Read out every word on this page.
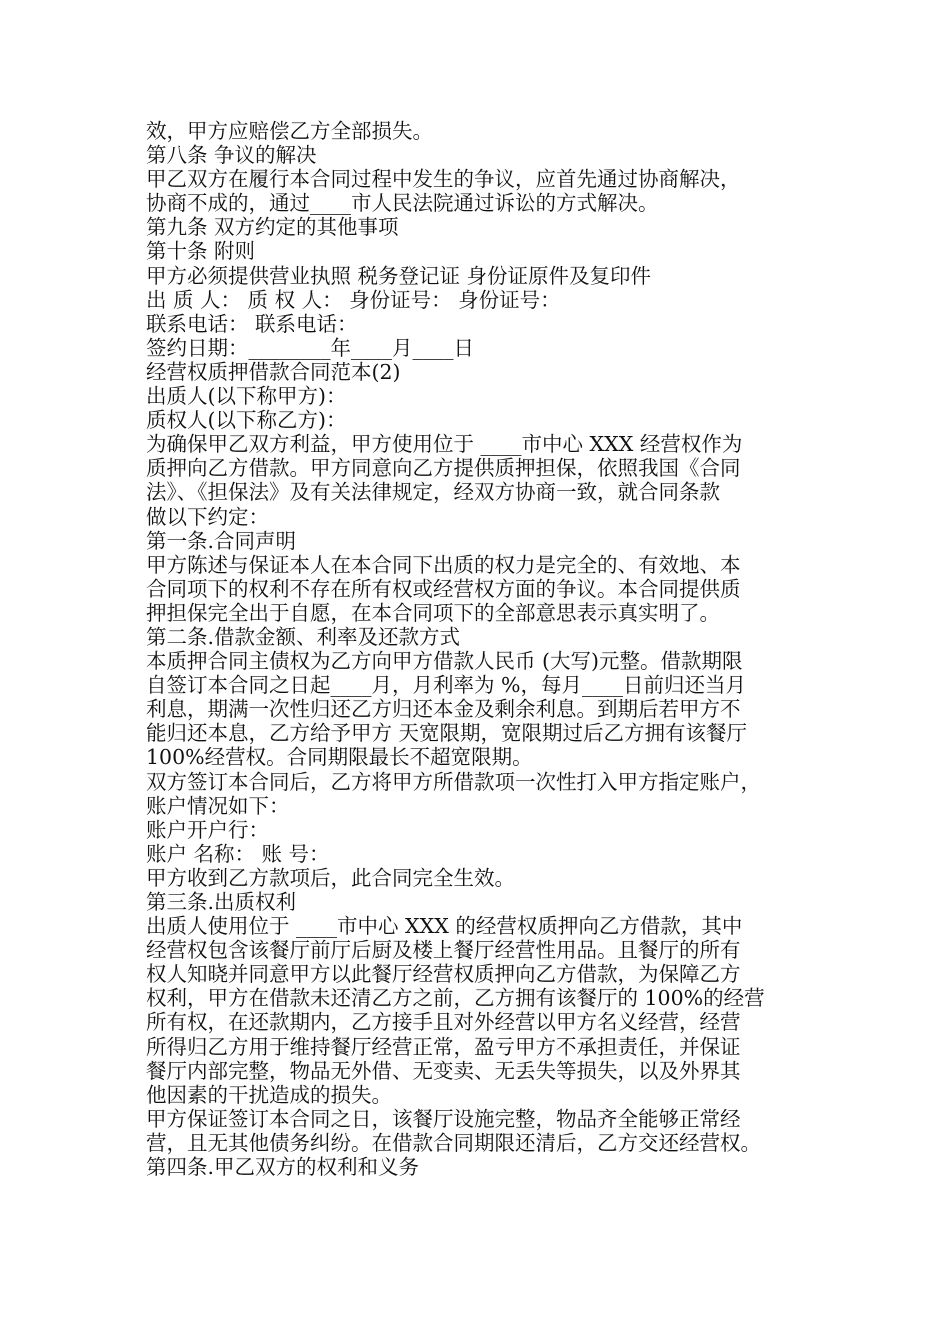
效，甲方应赔偿乙方全部损失。
第八条 争议的解决
甲乙双方在履行本合同过程中发生的争议，应首先通过协商解决，
协商不成的，通过____市人民法院通过诉讼的方式解决。
第九条 双方约定的其他事项
第十条 附则
甲方必须提供营业执照 税务登记证 身份证原件及复印件
出 质 人： 质 权 人： 身份证号： 身份证号：
联系电话： 联系电话：
签约日期：________年____月____日
经营权质押借款合同范本(2)
出质人(以下称甲方)：
质权人(以下称乙方)：
为确保甲乙双方利益，甲方使用位于 ____市中心 XXX 经营权作为
质押向乙方借款。甲方同意向乙方提供质押担保，依照我国《合同
法》、《担保法》及有关法律规定，经双方协商一致，就合同条款
做以下约定：
第一条.合同声明
甲方陈述与保证本人在本合同下出质的权力是完全的、有效地、本
合同项下的权利不存在所有权或经营权方面的争议。本合同提供质
押担保完全出于自愿，在本合同项下的全部意思表示真实明了。
第二条.借款金额、利率及还款方式
本质押合同主债权为乙方向甲方借款人民币 (大写)元整。借款期限
自签订本合同之日起____月，月利率为 %，每月____日前归还当月
利息，期满一次性归还乙方归还本金及剩余利息。到期后若甲方不
能归还本息，乙方给予甲方 天宽限期，宽限期过后乙方拥有该餐厅
100%经营权。合同期限最长不超宽限期。
双方签订本合同后，乙方将甲方所借款项一次性打入甲方指定账户，
账户情况如下：
账户开户行：
账户 名称： 账 号：
甲方收到乙方款项后，此合同完全生效。
第三条.出质权利
出质人使用位于 ____市中心 XXX 的经营权质押向乙方借款，其中
经营权包含该餐厅前厅后厨及楼上餐厅经营性用品。且餐厅的所有
权人知晓并同意甲方以此餐厅经营权质押向乙方借款，为保障乙方
权利，甲方在借款未还清乙方之前，乙方拥有该餐厅的 100%的经营
所有权，在还款期内，乙方接手且对外经营以甲方名义经营，经营
所得归乙方用于维持餐厅经营正常，盈亏甲方不承担责任，并保证
餐厅内部完整，物品无外借、无变卖、无丢失等损失，以及外界其
他因素的干扰造成的损失。
甲方保证签订本合同之日，该餐厅设施完整，物品齐全能够正常经
营，且无其他债务纠纷。在借款合同期限还清后，乙方交还经营权。
第四条.甲乙双方的权利和义务
